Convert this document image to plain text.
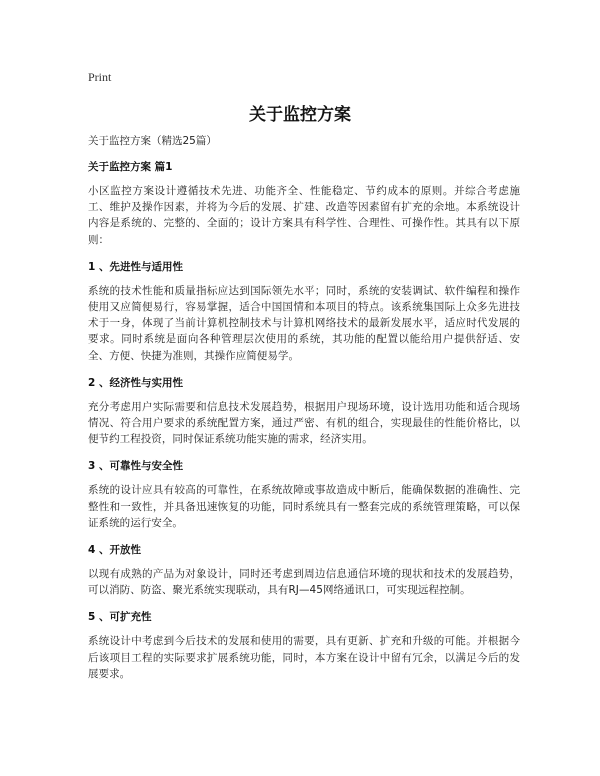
Print
关于监控方案
关于监控方案（精选25篇）
关于监控方案 篇1
小区监控方案设计遵循技术先进、功能齐全、性能稳定、节约成本的原则。并综合考虑施工、维护及操作因素，并将为今后的发展、扩建、改造等因素留有扩充的余地。本系统设计内容是系统的、完整的、全面的；设计方案具有科学性、合理性、可操作性。其具有以下原则：
1 、先进性与适用性
系统的技术性能和质量指标应达到国际领先水平；同时，系统的安装调试、软件编程和操作使用又应简便易行，容易掌握，适合中国国情和本项目的特点。该系统集国际上众多先进技术于一身，体现了当前计算机控制技术与计算机网络技术的最新发展水平，适应时代发展的要求。同时系统是面向各种管理层次使用的系统，其功能的配置以能给用户提供舒适、安全、方便、快捷为准则，其操作应简便易学。
2 、经济性与实用性
充分考虑用户实际需要和信息技术发展趋势，根据用户现场环境，设计选用功能和适合现场情况、符合用户要求的系统配置方案，通过严密、有机的组合，实现最佳的性能价格比，以便节约工程投资，同时保证系统功能实施的需求，经济实用。
3 、可靠性与安全性
系统的设计应具有较高的可靠性，在系统故障或事故造成中断后，能确保数据的准确性、完整性和一致性，并具备迅速恢复的功能，同时系统具有一整套完成的系统管理策略，可以保证系统的运行安全。
4 、开放性
以现有成熟的产品为对象设计，同时还考虑到周边信息通信环境的现状和技术的发展趋势，可以消防、防盗、聚光系统实现联动，具有RJ—45网络通讯口，可实现远程控制。
5 、可扩充性
系统设计中考虑到今后技术的发展和使用的需要，具有更新、扩充和升级的可能。并根据今后该项目工程的实际要求扩展系统功能，同时，本方案在设计中留有冗余，以满足今后的发展要求。
